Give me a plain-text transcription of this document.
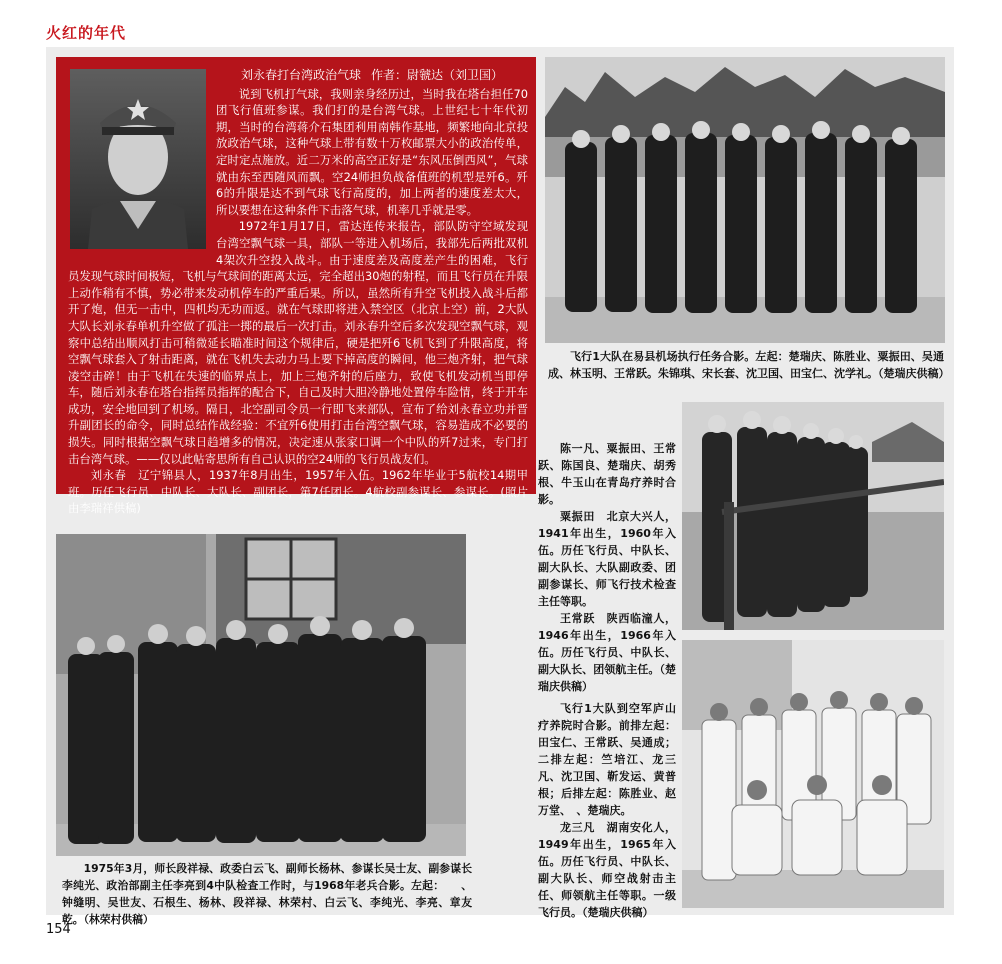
火红的年代
刘永春打台湾政治气球 作者：尉虢达（刘卫国）

说到飞机打气球，我则亲身经历过，当时我在塔台担任70团飞行值班参谋。我们打的是台湾气球。上世纪七十年代初期，当时的台湾蒋介石集团利用南韩作基地，频繁地向北京投放政治气球，这种气球上带有数十万枚邮票大小的政治传单，定时定点施放。近二万米的高空正好是“东风压倒西风”，气球就由东至西随风而飘。空24师担负战备值班的机型是歼6。歼6的升限是达不到气球飞行高度的，加上两者的速度差太大，所以要想在这种条件下击落气球，机率几乎就是零。

1972年1月17日，雷达连传来报告，部队防守空域发现台湾空飘气球一具，部队一等进入机场后，我部先后两批双机4架次升空投入战斗。由于速度差及高度差产生的困难，飞行员发现气球时间极短，飞机与气球间的距离太远，完全超出30炮的射程，而且飞行员在升限上动作稍有不慎，势必带来发动机停车的严重后果。所以，虽然所有升空飞机投入战斗后都开了炮，但无一击中，四机均无功而返。就在气球即将进入禁空区（北京上空）前，2大队大队长刘永春单机升空做了孤注一掷的最后一次打击。刘永春升空后多次发现空飘气球，观察中总结出顺风打击可稍微延长瞄准时间这个规律后，硬是把歼6飞机飞到了升限高度，将空飘气球套入了射击距离，就在飞机失去动力马上要下掉高度的瞬间，他三炮齐射，把气球凌空击碎！由于飞机在失速的临界点上，加上三炮齐射的后座力，致使飞机发动机当即停车，随后刘永春在塔台指挥员指挥的配合下，自己及时大胆冷静地处置停车险情，终于开车成功，安全地回到了机场。隔日，北空副司令员一行即飞来部队，宣布了给刘永春立功并晋升副团长的命令，同时总结作战经验：不宜歼6使用打击台湾空飘气球，容易造成不必要的损失。同时根据空飘气球日趋增多的情况，决定速从张家口调一个中队的歼7过来，专门打击台湾气球。——仅以此帖寄思所有自己认识的空24师的飞行员战友们。

刘永春　辽宁锦县人，1937年8月出生，1957年入伍。1962年毕业于5航校14期甲班。历任飞行员、中队长、大队长、副团长，第7任团长。4航校副参谋长、参谋长。(照片由李瑞祥供稿)

飞行1大队在易县机场执行任务合影。左起：楚瑞庆、陈胜业、粟振田、吴通成、林玉明、王常跃。朱锦琪、宋长套、沈卫国、田宝仁、沈学礼。（楚瑞庆供稿）

陈一凡、粟振田、王常跃、陈国良、楚瑞庆、胡秀根、牛玉山在青岛疗养时合影。

粟振田　北京大兴人，1941年出生，1960年入伍。历任飞行员、中队长、副大队长、大队副政委、团副参谋长、师飞行技术检查主任等职。

王常跃　陕西临潼人，1946年出生，1966年入伍。历任飞行员、中队长、副大队长、团领航主任。（楚瑞庆供稿）

飞行1大队到空军庐山疗养院时合影。前排左起：田宝仁、王常跃、吴通成；二排左起：竺培江、龙三凡、沈卫国、靳发运、黄普根；后排左起：陈胜业、赵万堂、　、楚瑞庆。

龙三凡　湖南安化人，1949年出生，1965年入伍。历任飞行员、中队长、副大队长、师空战射击主任、师领航主任等职。一级飞行员。（楚瑞庆供稿）

1975年3月，师长段祥禄、政委白云飞、副师长杨林、参谋长吴士友、副参谋长李纯光、政治部副主任李亮到4中队检查工作时，与1968年老兵合影。左起：　　、钟缝明、吴世友、石根生、杨林、段祥禄、林荣村、白云飞、李纯光、李亮、章友乾。（林荣村供稿）

154
